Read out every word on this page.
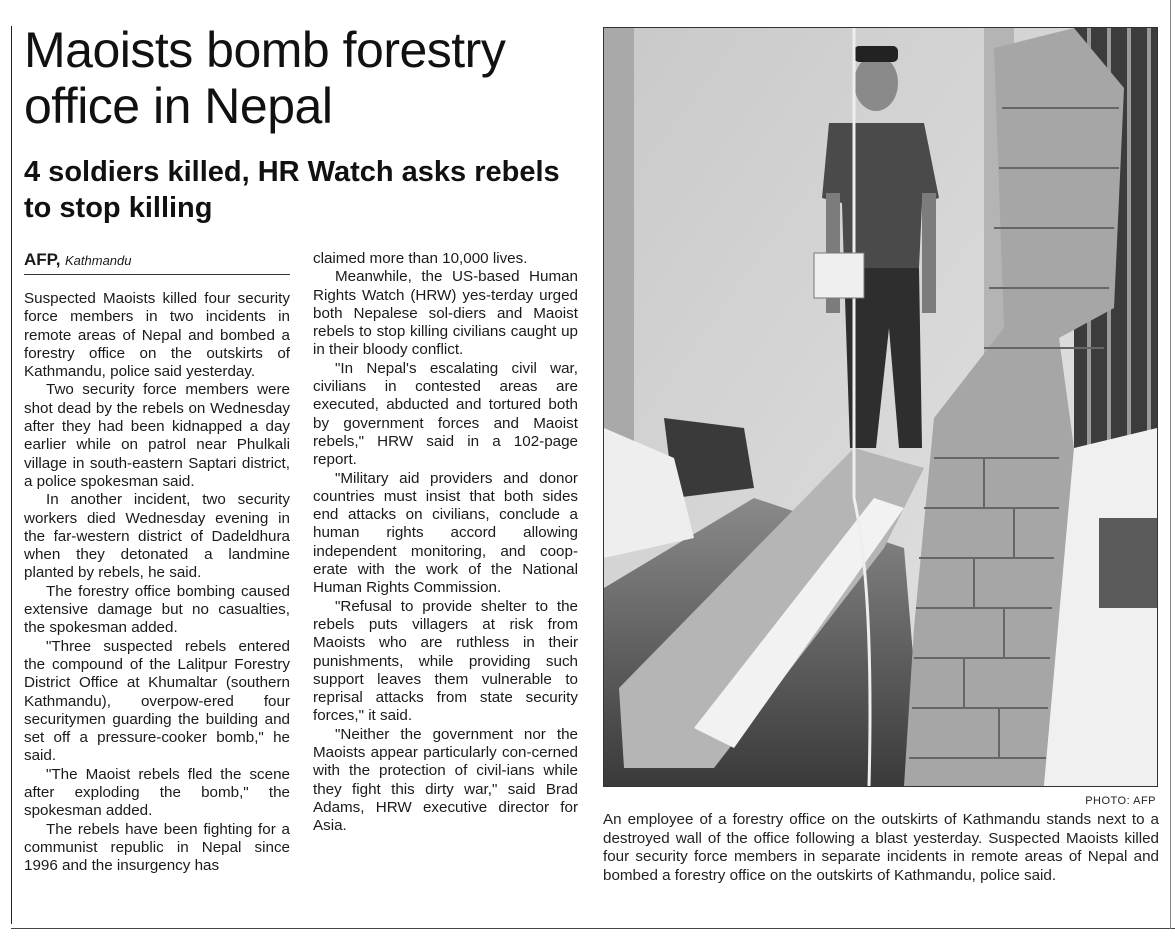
Maoists bomb forestry office in Nepal
4 soldiers killed, HR Watch asks rebels to stop killing
AFP, Kathmandu

Suspected Maoists killed four security force members in two incidents in remote areas of Nepal and bombed a forestry office on the outskirts of Kathmandu, police said yesterday.

Two security force members were shot dead by the rebels on Wednesday after they had been kidnapped a day earlier while on patrol near Phulkali village in south-eastern Saptari district, a police spokesman said.

In another incident, two security workers died Wednesday evening in the far-western district of Dadeldhura when they detonated a landmine planted by rebels, he said.

The forestry office bombing caused extensive damage but no casualties, the spokesman added.

"Three suspected rebels entered the compound of the Lalitpur Forestry District Office at Khumaltar (southern Kathmandu), overpow-ered four securitymen guarding the building and set off a pressure-cooker bomb," he said.

"The Maoist rebels fled the scene after exploding the bomb," the spokesman added.

The rebels have been fighting for a communist republic in Nepal since 1996 and the insurgency has

claimed more than 10,000 lives.

Meanwhile, the US-based Human Rights Watch (HRW) yes-terday urged both Nepalese sol-diers and Maoist rebels to stop killing civilians caught up in their bloody conflict.

"In Nepal's escalating civil war, civilians in contested areas are executed, abducted and tortured both by government forces and Maoist rebels," HRW said in a 102-page report.

"Military aid providers and donor countries must insist that both sides end attacks on civilians, conclude a human rights accord allowing independent monitoring, and coop-erate with the work of the National Human Rights Commission.

"Refusal to provide shelter to the rebels puts villagers at risk from Maoists who are ruthless in their punishments, while providing such support leaves them vulnerable to reprisal attacks from state security forces," it said.

"Neither the government nor the Maoists appear particularly con-cerned with the protection of civil-ians while they fight this dirty war," said Brad Adams, HRW executive director for Asia.

PHOTO: AFP
An employee of a forestry office on the outskirts of Kathmandu stands next to a destroyed wall of the office following a blast yesterday. Suspected Maoists killed four security force members in separate incidents in remote areas of Nepal and bombed a forestry office on the outskirts of Kathmandu, police said.
